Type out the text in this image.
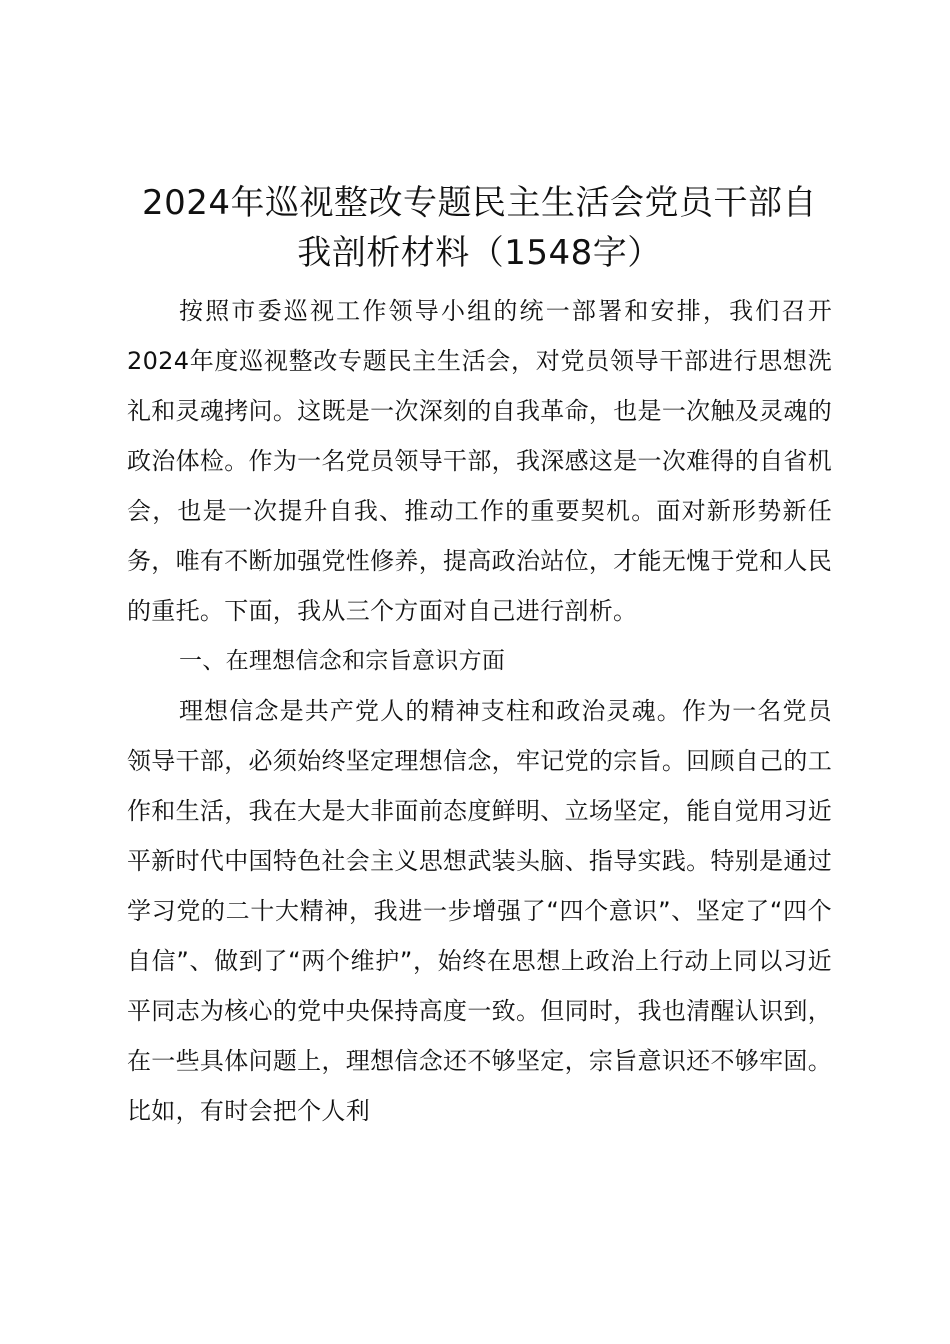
2024年巡视整改专题民主生活会党员干部自我剖析材料（1548字）

按照市委巡视工作领导小组的统一部署和安排，我们召开2024年度巡视整改专题民主生活会，对党员领导干部进行思想洗礼和灵魂拷问。这既是一次深刻的自我革命，也是一次触及灵魂的政治体检。作为一名党员领导干部，我深感这是一次难得的自省机会，也是一次提升自我、推动工作的重要契机。面对新形势新任务，唯有不断加强党性修养，提高政治站位，才能无愧于党和人民的重托。下面，我从三个方面对自己进行剖析。

一、在理想信念和宗旨意识方面

理想信念是共产党人的精神支柱和政治灵魂。作为一名党员领导干部，必须始终坚定理想信念，牢记党的宗旨。回顾自己的工作和生活，我在大是大非面前态度鲜明、立场坚定，能自觉用习近平新时代中国特色社会主义思想武装头脑、指导实践。特别是通过学习党的二十大精神，我进一步增强了“四个意识”、坚定了“四个自信”、做到了“两个维护”，始终在思想上政治上行动上同以习近平同志为核心的党中央保持高度一致。但同时，我也清醒认识到，在一些具体问题上，理想信念还不够坚定，宗旨意识还不够牢固。比如，有时会把个人利
